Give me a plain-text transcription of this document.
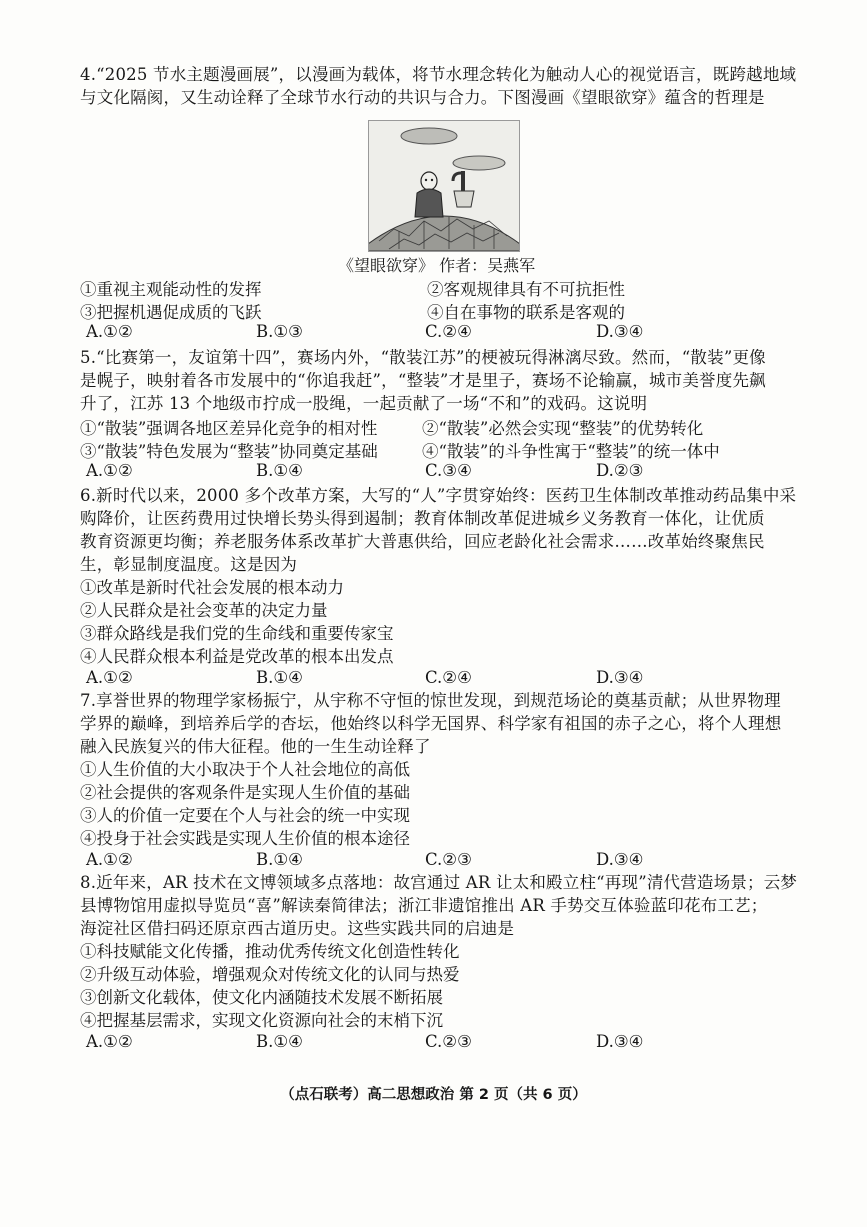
4.“2025 节水主题漫画展”，以漫画为载体，将节水理念转化为触动人心的视觉语言，既跨越地域
与文化隔阂，又生动诠释了全球节水行动的共识与合力。下图漫画《望眼欲穿》蕴含的哲理是
《望眼欲穿》 作者：吴燕军
①重视主观能动性的发挥	②客观规律具有不可抗拒性
③把握机遇促成质的飞跃	④自在事物的联系是客观的
A.①②	B.①③	C.②④	D.③④
5.“比赛第一，友谊第十四”，赛场内外，“散装江苏”的梗被玩得淋漓尽致。然而，“散装”更像
是幌子，映射着各市发展中的“你追我赶”，“整装”才是里子，赛场不论输赢，城市美誉度先飙
升了，江苏 13 个地级市拧成一股绳，一起贡献了一场“不和”的戏码。这说明
①“散装”强调各地区差异化竞争的相对性	②“散装”必然会实现“整装”的优势转化
③“散装”特色发展为“整装”协同奠定基础	④“散装”的斗争性寓于“整装”的统一体中
A.①②	B.①④	C.③④	D.②③
6.新时代以来，2000 多个改革方案，大写的“人”字贯穿始终：医药卫生体制改革推动药品集中采
购降价，让医药费用过快增长势头得到遏制；教育体制改革促进城乡义务教育一体化，让优质
教育资源更均衡；养老服务体系改革扩大普惠供给，回应老龄化社会需求……改革始终聚焦民
生，彰显制度温度。这是因为
①改革是新时代社会发展的根本动力
②人民群众是社会变革的决定力量
③群众路线是我们党的生命线和重要传家宝
④人民群众根本利益是党改革的根本出发点
A.①②	B.①④	C.②④	D.③④
7.享誉世界的物理学家杨振宁，从宇称不守恒的惊世发现，到规范场论的奠基贡献；从世界物理
学界的巅峰，到培养后学的杏坛，他始终以科学无国界、科学家有祖国的赤子之心，将个人理想
融入民族复兴的伟大征程。他的一生生动诠释了
①人生价值的大小取决于个人社会地位的高低
②社会提供的客观条件是实现人生价值的基础
③人的价值一定要在个人与社会的统一中实现
④投身于社会实践是实现人生价值的根本途径
A.①②	B.①④	C.②③	D.③④
8.近年来，AR 技术在文博领域多点落地：故宫通过 AR 让太和殿立柱“再现”清代营造场景；云梦
县博物馆用虚拟导览员“喜”解读秦简律法；浙江非遗馆推出 AR 手势交互体验蓝印花布工艺；
海淀社区借扫码还原京西古道历史。这些实践共同的启迪是
①科技赋能文化传播，推动优秀传统文化创造性转化
②升级互动体验，增强观众对传统文化的认同与热爱
③创新文化载体，使文化内涵随技术发展不断拓展
④把握基层需求，实现文化资源向社会的末梢下沉
A.①②	B.①④	C.②③	D.③④
（点石联考）高二思想政治 第 2 页（共 6 页）
